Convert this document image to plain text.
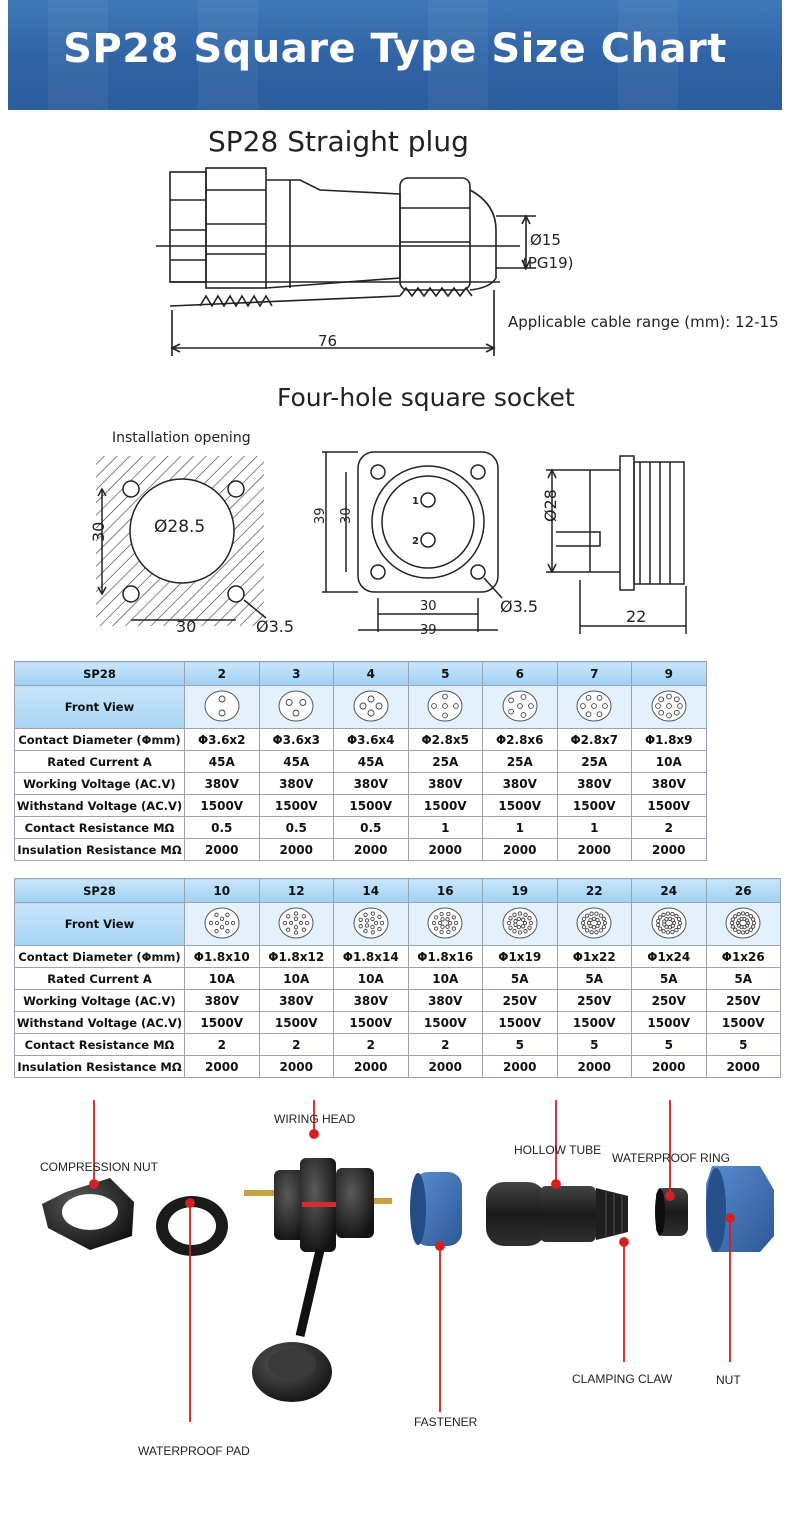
SP28 Square Type Size Chart
SP28 Straight plug
Ø15
(PG19)
Applicable cable range (mm): 12-15
76
Four-hole square socket
Installation opening
Ø28.5
30
30	Ø3.5
1
2
39 30
30
39
Ø3.5
Ø28
22
SP28	2	3	4	5	6	7	9
Front View							
Contact Diameter (Φmm)	Φ3.6x2	Φ3.6x3	Φ3.6x4	Φ2.8x5	Φ2.8x6	Φ2.8x7	Φ1.8x9
Rated Current A	45A	45A	45A	25A	25A	25A	10A
Working Voltage (AC.V)	380V	380V	380V	380V	380V	380V	380V
Withstand Voltage (AC.V)	1500V	1500V	1500V	1500V	1500V	1500V	1500V
Contact Resistance MΩ	0.5	0.5	0.5	1	1	1	2
Insulation Resistance MΩ	2000	2000	2000	2000	2000	2000	2000
SP28	10	12	14	16	19	22	24	26
Front View								
Contact Diameter (Φmm)	Φ1.8x10	Φ1.8x12	Φ1.8x14	Φ1.8x16	Φ1x19	Φ1x22	Φ1x24	Φ1x26
Rated Current A	10A	10A	10A	10A	5A	5A	5A	5A
Working Voltage (AC.V)	380V	380V	380V	380V	250V	250V	250V	250V
Withstand Voltage (AC.V)	1500V	1500V	1500V	1500V	1500V	1500V	1500V	1500V
Contact Resistance MΩ	2	2	2	2	5	5	5	5
Insulation Resistance MΩ	2000	2000	2000	2000	2000	2000	2000	2000
WIRING HEAD
HOLLOW TUBE
COMPRESSION NUT
WATERPROOF RING
CLAMPING CLAW	NUT
FASTENER
WATERPROOF PAD
